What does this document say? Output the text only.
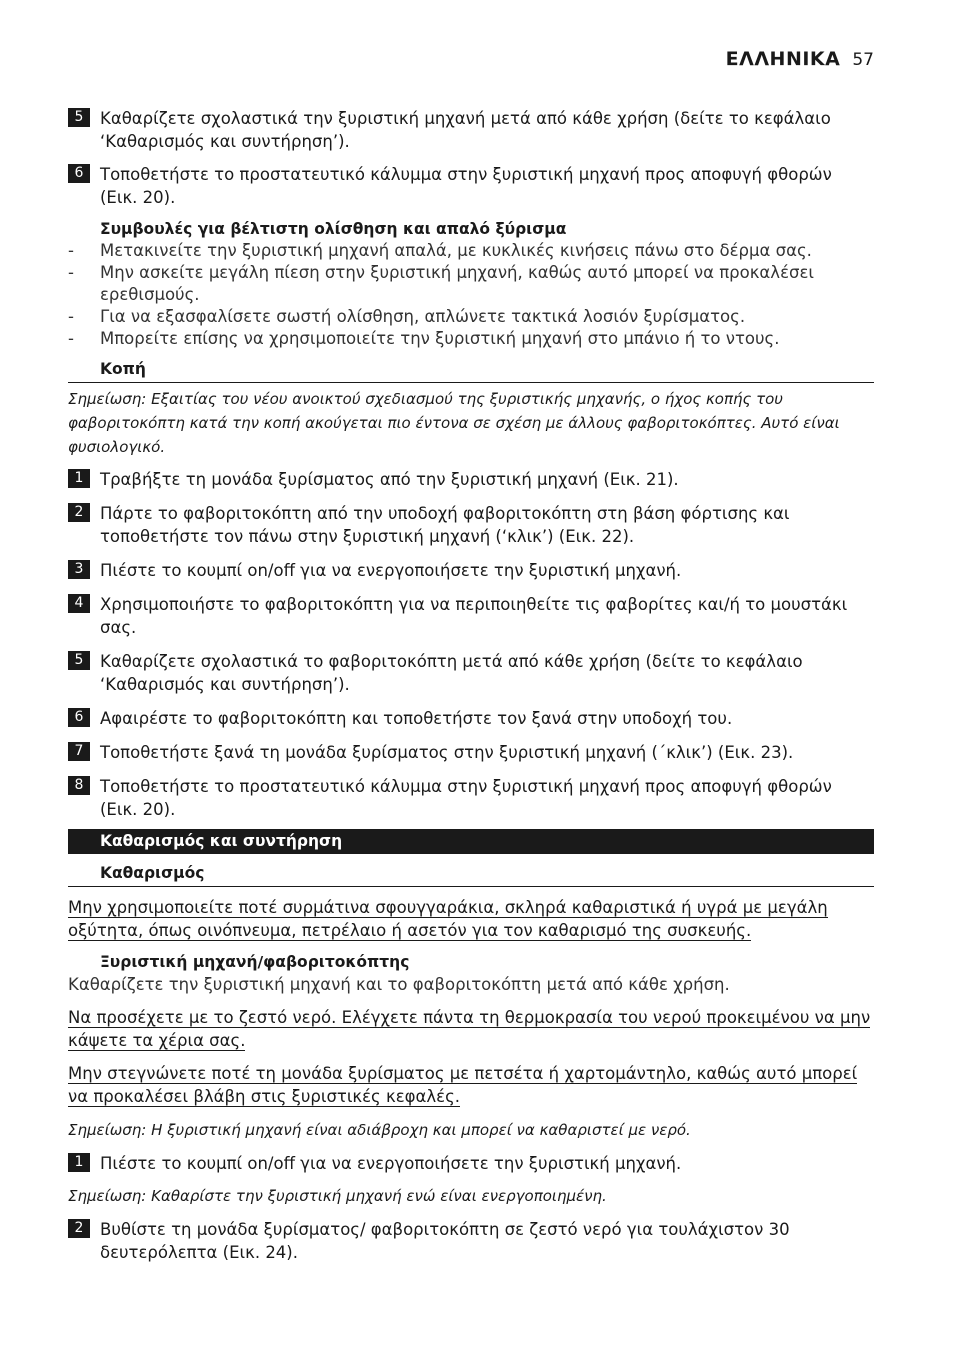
ΕΛΛΗΝΙΚΑ 57
5	Καθαρίζετε σχολαστικά την ξυριστική μηχανή μετά από κάθε χρήση (δείτε το κεφάλαιο ‘Καθαρισμός και συντήρηση’).
6	Τοποθετήστε το προστατευτικό κάλυμμα στην ξυριστική μηχανή προς αποφυγή φθορών (Εικ. 20).
Συμβουλές για βέλτιστη ολίσθηση και απαλό ξύρισμα
- Μετακινείτε την ξυριστική μηχανή απαλά, με κυκλικές κινήσεις πάνω στο δέρμα σας.
- Μην ασκείτε μεγάλη πίεση στην ξυριστική μηχανή, καθώς αυτό μπορεί να προκαλέσει ερεθισμούς.
- Για να εξασφαλίσετε σωστή ολίσθηση, απλώνετε τακτικά λοσιόν ξυρίσματος.
- Μπορείτε επίσης να χρησιμοποιείτε την ξυριστική μηχανή στο μπάνιο ή το ντους.
Κοπή
Σημείωση: Εξαιτίας του νέου ανοικτού σχεδιασμού της ξυριστικής μηχανής, ο ήχος κοπής του φαβοριτοκόπτη κατά την κοπή ακούγεται πιο έντονα σε σχέση με άλλους φαβοριτοκόπτες. Αυτό είναι φυσιολογικό.
1	Τραβήξτε τη μονάδα ξυρίσματος από την ξυριστική μηχανή (Εικ. 21).
2	Πάρτε το φαβοριτοκόπτη από την υποδοχή φαβοριτοκόπτη στη βάση φόρτισης και τοποθετήστε τον πάνω στην ξυριστική μηχανή (‘κλικ’) (Εικ. 22).
3	Πιέστε το κουμπί on/off για να ενεργοποιήσετε την ξυριστική μηχανή.
4	Χρησιμοποιήστε το φαβοριτοκόπτη για να περιποιηθείτε τις φαβορίτες και/ή το μουστάκι σας.
5	Καθαρίζετε σχολαστικά το φαβοριτοκόπτη μετά από κάθε χρήση (δείτε το κεφάλαιο ‘Καθαρισμός και συντήρηση’).
6	Αφαιρέστε το φαβοριτοκόπτη και τοποθετήστε τον ξανά στην υποδοχή του.
7	Τοποθετήστε ξανά τη μονάδα ξυρίσματος στην ξυριστική μηχανή (΄κλικ’) (Εικ. 23).
8	Τοποθετήστε το προστατευτικό κάλυμμα στην ξυριστική μηχανή προς αποφυγή φθορών (Εικ. 20).
Καθαρισμός και συντήρηση
Καθαρισμός
Μην χρησιμοποιείτε ποτέ συρμάτινα σφουγγαράκια, σκληρά καθαριστικά ή υγρά με μεγάλη οξύτητα, όπως οινόπνευμα, πετρέλαιο ή ασετόν για τον καθαρισμό της συσκευής.
Ξυριστική μηχανή/φαβοριτοκόπτης
Καθαρίζετε την ξυριστική μηχανή και το φαβοριτοκόπτη μετά από κάθε χρήση.
Να προσέχετε με το ζεστό νερό. Ελέγχετε πάντα τη θερμοκρασία του νερού προκειμένου να μην κάψετε τα χέρια σας.
Μην στεγνώνετε ποτέ τη μονάδα ξυρίσματος με πετσέτα ή χαρτομάντηλο, καθώς αυτό μπορεί να προκαλέσει βλάβη στις ξυριστικές κεφαλές.
Σημείωση: Η ξυριστική μηχανή είναι αδιάβροχη και μπορεί να καθαριστεί με νερό.
1	Πιέστε το κουμπί on/off για να ενεργοποιήσετε την ξυριστική μηχανή.
Σημείωση: Καθαρίστε την ξυριστική μηχανή ενώ είναι ενεργοποιημένη.
2	Βυθίστε τη μονάδα ξυρίσματος/ φαβοριτοκόπτη σε ζεστό νερό για τουλάχιστον 30 δευτερόλεπτα (Εικ. 24).
